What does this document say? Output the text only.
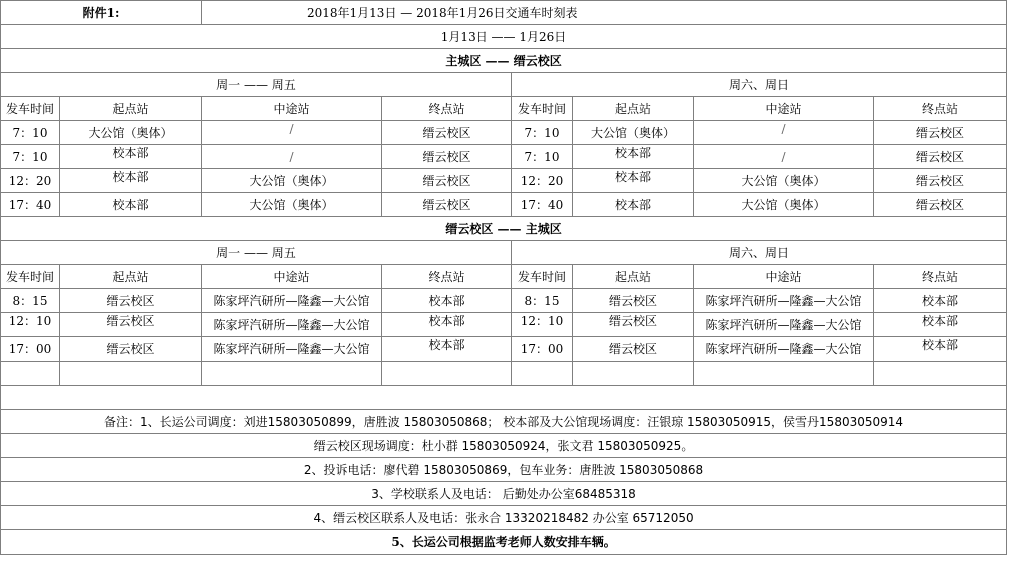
附件1:		2018年1月13日 — 2018年1月26日交通车时刻表					
1月13日 —— 1月26日							
主城区 —— 缙云校区							
周一 —— 周五				周六、周日			
发车时间	起点站	中途站	终点站	发车时间	起点站	中途站	终点站
7：10	大公馆（奥体）	/	缙云校区	7：10	大公馆（奥体）	/	缙云校区
7：10	校本部	/	缙云校区	7：10	校本部	/	缙云校区
12：20	校本部	大公馆（奥体）	缙云校区	12：20	校本部	大公馆（奥体）	缙云校区
17：40	校本部	大公馆（奥体）	缙云校区	17：40	校本部	大公馆（奥体）	缙云校区
缙云校区 —— 主城区							
周一 —— 周五				周六、周日			
发车时间	起点站	中途站	终点站	发车时间	起点站	中途站	终点站
8：15	缙云校区	陈家坪汽研所—隆鑫—大公馆	校本部	8：15	缙云校区	陈家坪汽研所—隆鑫—大公馆	校本部
12：10	缙云校区	陈家坪汽研所—隆鑫—大公馆	校本部	12：10	缙云校区	陈家坪汽研所—隆鑫—大公馆	校本部
17：00	缙云校区	陈家坪汽研所—隆鑫—大公馆	校本部	17：00	缙云校区	陈家坪汽研所—隆鑫—大公馆	校本部

备注：1、长运公司调度：刘进15803050899，唐胜波 15803050868； 校本部及大公馆现场调度：汪银琼 15803050915，侯雪丹15803050914							
缙云校区现场调度：杜小群 15803050924，张文君 15803050925。							
2、投诉电话：廖代碧 15803050869，包车业务：唐胜波 15803050868							
3、学校联系人及电话： 后勤处办公室68485318							
4、缙云校区联系人及电话：张永合 13320218482 办公室 65712050							
5、长运公司根据监考老师人数安排车辆。							
